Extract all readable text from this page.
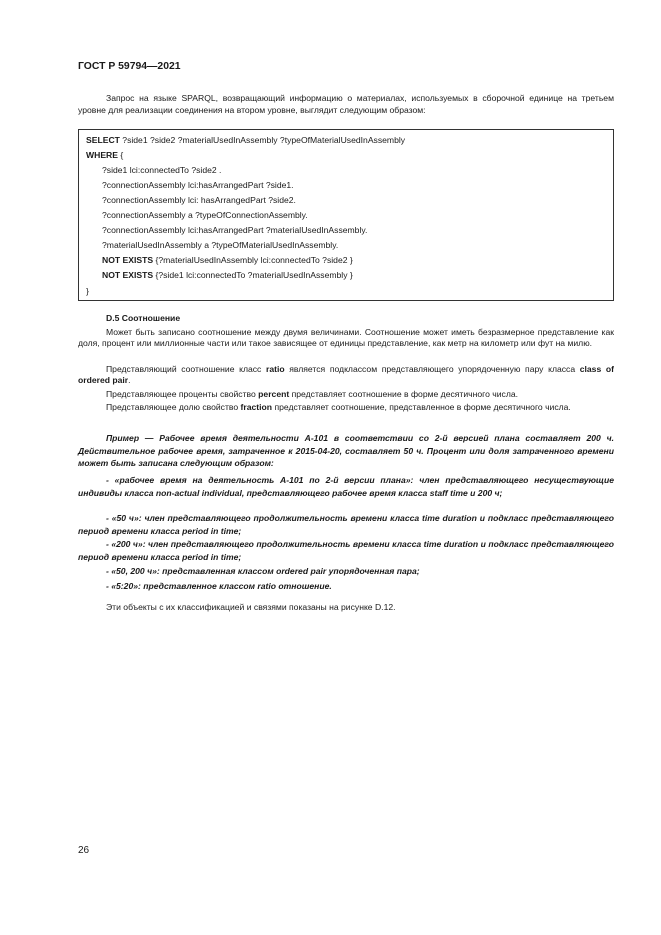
ГОСТ Р 59794—2021
Запрос на языке SPARQL, возвращающий информацию о материалах, используемых в сборочной единице на третьем уровне для реализации соединения на втором уровне, выглядит следующим образом:
SELECT ?side1 ?side2 ?materialUsedInAssembly ?typeOfMaterialUsedInAssembly
WHERE {
?side1 lci:connectedTo ?side2 .
?connectionAssembly lci:hasArrangedPart ?side1.
?connectionAssembly lci: hasArrangedPart ?side2.
?connectionAssembly a ?typeOfConnectionAssembly.
?connectionAssembly lci:hasArrangedPart ?materialUsedInAssembly.
?materialUsedInAssembly a ?typeOfMaterialUsedInAssembly.
NOT EXISTS {?materialUsedInAssembly lci:connectedTo ?side2 }
NOT EXISTS {?side1 lci:connectedTo ?materialUsedInAssembly }
}
D.5 Соотношение
Может быть записано соотношение между двумя величинами. Соотношение может иметь безразмерное представление как доля, процент или миллионные части или такое зависящее от единицы представление, как метр на километр или фут на милю.
Представляющий соотношение класс ratio является подклассом представляющего упорядоченную пару класса class of ordered pair.
Представляющее проценты свойство percent представляет соотношение в форме десятичного числа.
Представляющее долю свойство fraction представляет соотношение, представленное в форме десятичного числа.
Пример — Рабочее время деятельности А-101 в соответствии со 2-й версией плана составляет 200 ч. Действительное рабочее время, затраченное к 2015-04-20, составляет 50 ч. Процент или доля затраченного времени может быть записана следующим образом:
- «рабочее время на деятельность А-101 по 2-й версии плана»: член представляющего несуществующие индивиды класса non-actual individual, представляющего рабочее время класса staff time и 200 ч;
- «50 ч»: член представляющего продолжительность времени класса time duration и подкласс представляющего период времени класса period in time;
- «200 ч»: член представляющего продолжительность времени класса time duration и подкласс представляющего период времени класса period in time;
- «50, 200 ч»: представленная классом ordered pair упорядоченная пара;
- «5:20»: представленное классом ratio отношение.
Эти объекты с их классификацией и связями показаны на рисунке D.12.
26
